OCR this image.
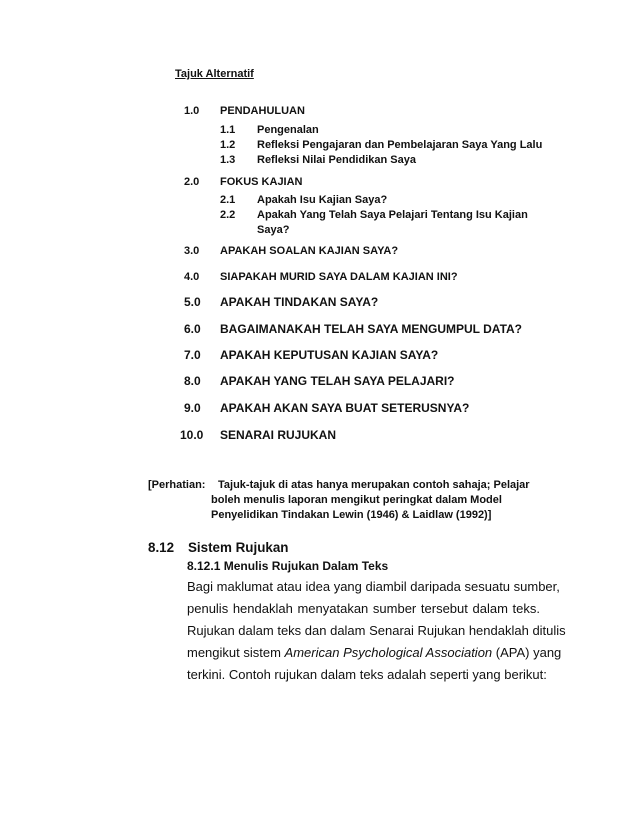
Tajuk Alternatif
1.0 PENDAHULUAN
1.1 Pengenalan
1.2 Refleksi Pengajaran dan Pembelajaran Saya Yang Lalu
1.3 Refleksi Nilai Pendidikan Saya
2.0 FOKUS KAJIAN
2.1 Apakah Isu Kajian Saya?
2.2 Apakah Yang Telah Saya Pelajari Tentang Isu Kajian
Saya?
3.0 APAKAH SOALAN KAJIAN SAYA?
4.0 SIAPAKAH MURID SAYA DALAM KAJIAN INI?
5.0 APAKAH TINDAKAN SAYA?
6.0 BAGAIMANAKAH TELAH SAYA MENGUMPUL DATA?
7.0 APAKAH KEPUTUSAN KAJIAN SAYA?
8.0 APAKAH YANG TELAH SAYA PELAJARI?
9.0 APAKAH AKAN SAYA BUAT SETERUSNYA?
10.0 SENARAI RUJUKAN
[Perhatian: Tajuk-tajuk di atas hanya merupakan contoh sahaja; Pelajar
boleh menulis laporan mengikut peringkat dalam Model
Penyelidikan Tindakan Lewin (1946) & Laidlaw (1992)]
8.12 Sistem Rujukan
8.12.1 Menulis Rujukan Dalam Teks
Bagi maklumat atau idea yang diambil daripada sesuatu sumber,
penulis hendaklah menyatakan sumber tersebut dalam teks.
Rujukan dalam teks dan dalam Senarai Rujukan hendaklah ditulis
mengikut sistem American Psychological Association (APA) yang
terkini. Contoh rujukan dalam teks adalah seperti yang berikut:
